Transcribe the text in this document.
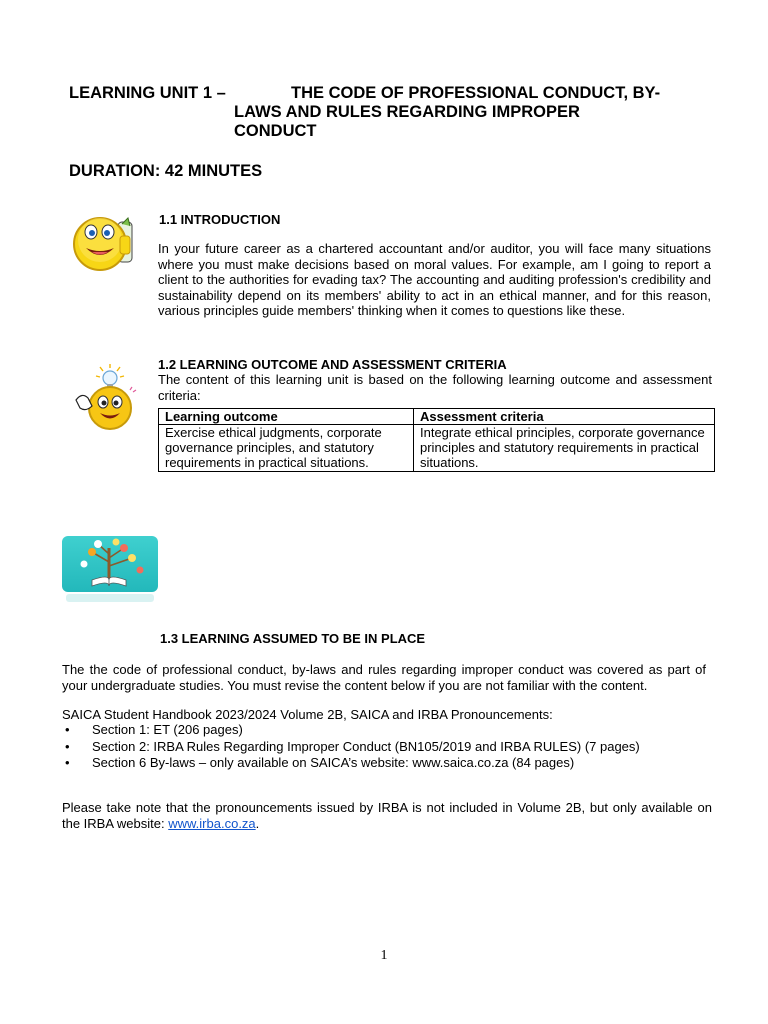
LEARNING UNIT 1 –	THE CODE OF PROFESSIONAL CONDUCT, BY-
LAWS AND RULES REGARDING IMPROPER
CONDUCT
DURATION: 42 MINUTES
1.1 INTRODUCTION
In your future career as a chartered accountant and/or auditor, you will face many situations where you must make decisions based on moral values. For example, am I going to report a client to the authorities for evading tax? The accounting and auditing profession's credibility and sustainability depend on its members' ability to act in an ethical manner, and for this reason, various principles guide members' thinking when it comes to questions like these.
1.2 LEARNING OUTCOME AND ASSESSMENT CRITERIA
The content of this learning unit is based on the following learning outcome and assessment criteria:
Learning outcome	Assessment criteria
Exercise ethical judgments, corporate governance principles, and statutory requirements in practical situations.	Integrate ethical principles, corporate governance principles and statutory requirements in practical situations.
1.3 LEARNING ASSUMED TO BE IN PLACE
The the code of professional conduct, by-laws and rules regarding improper conduct was covered as part of your undergraduate studies. You must revise the content below if you are not familiar with the content.
SAICA Student Handbook 2023/2024 Volume 2B, SAICA and IRBA Pronouncements:
• Section 1: ET (206 pages)
• Section 2: IRBA Rules Regarding Improper Conduct (BN105/2019 and IRBA RULES) (7 pages)
• Section 6 By-laws – only available on SAICA’s website: www.saica.co.za (84 pages)
Please take note that the pronouncements issued by IRBA is not included in Volume 2B, but only available on the IRBA website: www.irba.co.za.
1
